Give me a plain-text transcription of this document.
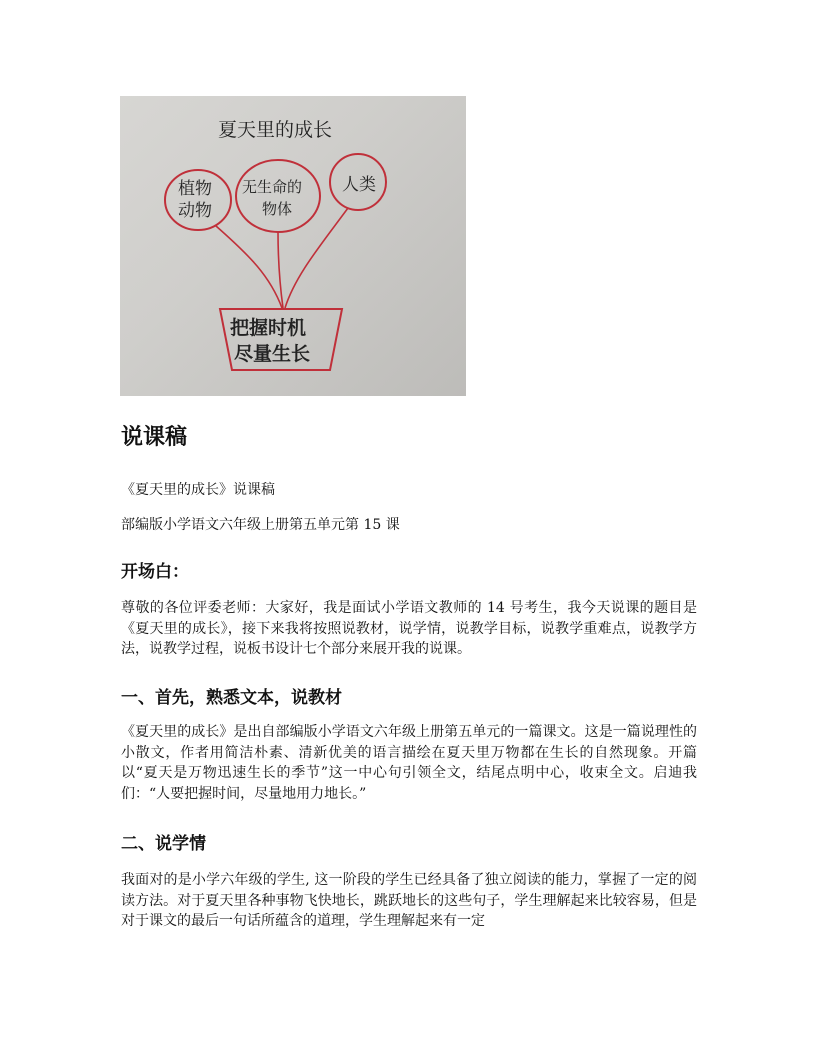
夏天里的成长
植物
动物
无生命的
物体
人类
把握时机
尽量生长
说课稿

《夏天里的成长》说课稿

部编版小学语文六年级上册第五单元第 15 课

开场白：

尊敬的各位评委老师：大家好，我是面试小学语文教师的 14 号考生，我今天说课的题目是《夏天里的成长》，接下来我将按照说教材，说学情，说教学目标，说教学重难点，说教学方法，说教学过程，说板书设计七个部分来展开我的说课。

一、首先，熟悉文本，说教材

《夏天里的成长》是出自部编版小学语文六年级上册第五单元的一篇课文。这是一篇说理性的小散文，作者用简洁朴素、清新优美的语言描绘在夏天里万物都在生长的自然现象。开篇以“夏天是万物迅速生长的季节”这一中心句引领全文，结尾点明中心，收束全文。启迪我们：“人要把握时间，尽量地用力地长。”

二、说学情

我面对的是小学六年级的学生, 这一阶段的学生已经具备了独立阅读的能力，掌握了一定的阅读方法。对于夏天里各种事物飞快地长，跳跃地长的这些句子，学生理解起来比较容易，但是对于课文的最后一句话所蕴含的道理，学生理解起来有一定
